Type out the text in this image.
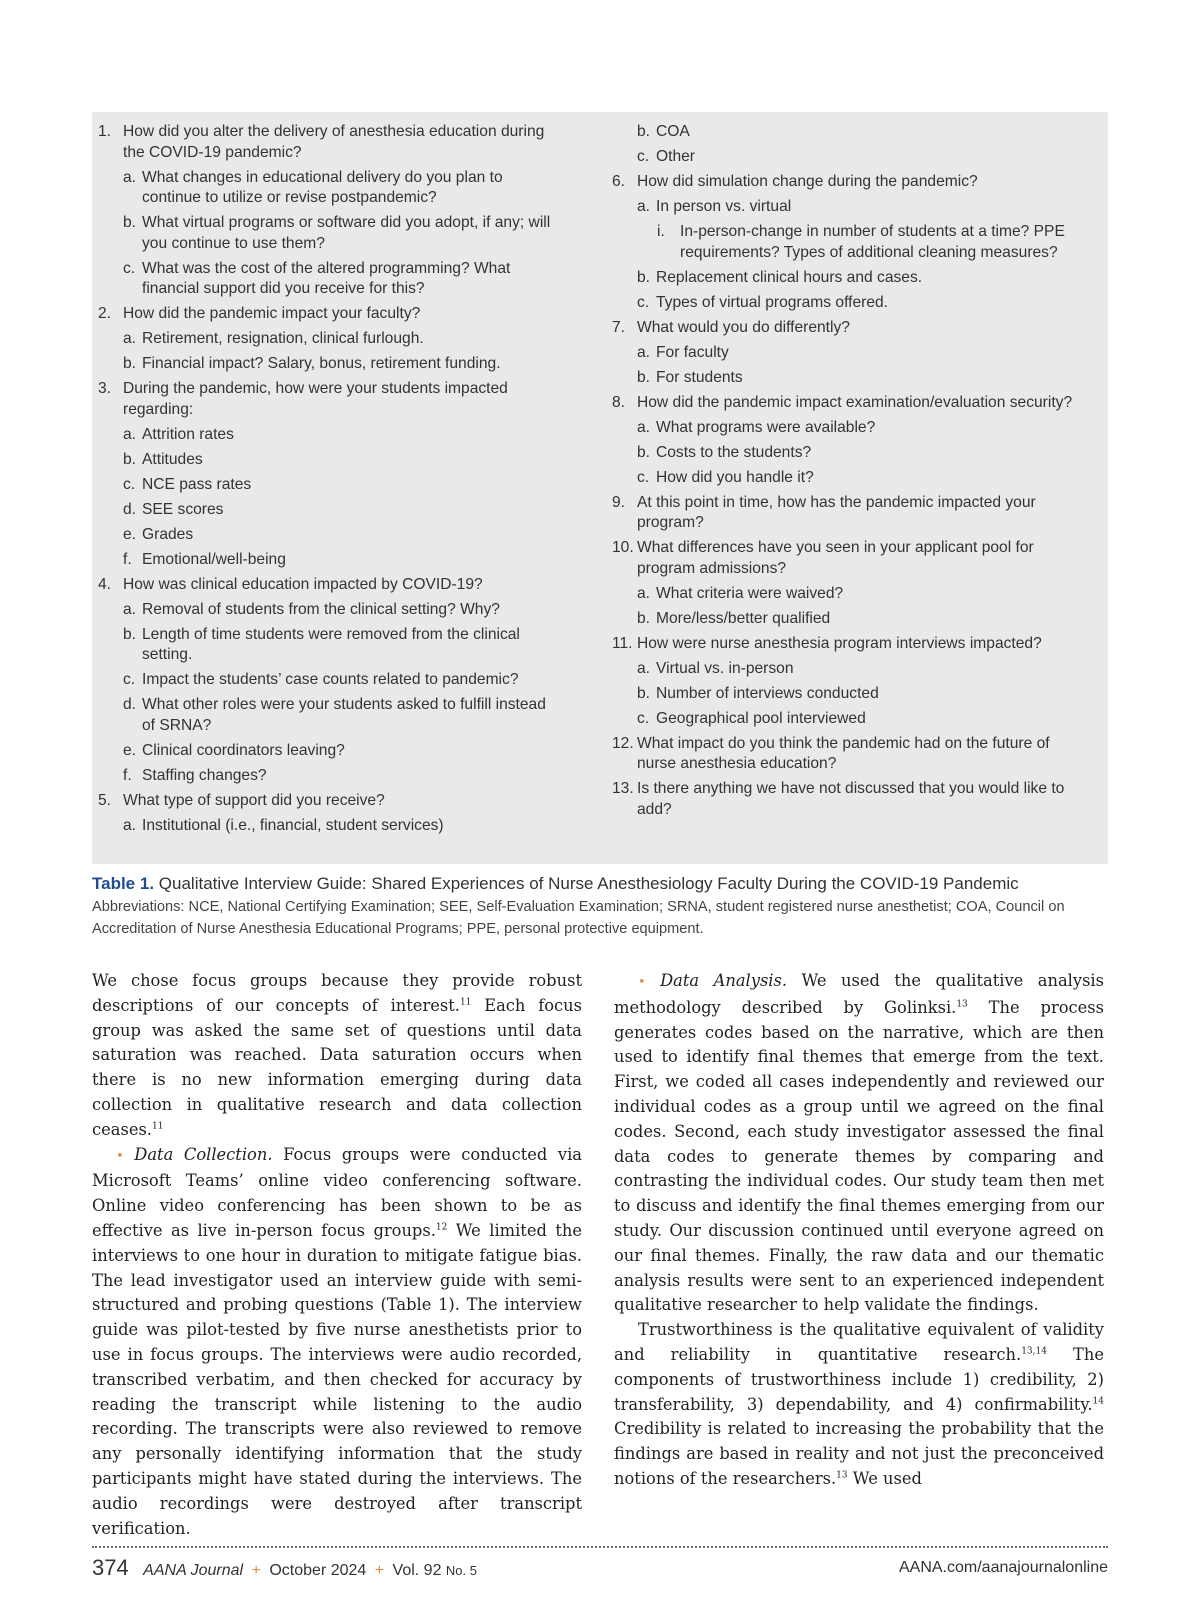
1. How did you alter the delivery of anesthesia education during the COVID-19 pandemic?
a. What changes in educational delivery do you plan to continue to utilize or revise postpandemic?
b. What virtual programs or software did you adopt, if any; will you continue to use them?
c. What was the cost of the altered programming? What financial support did you receive for this?
2. How did the pandemic impact your faculty?
a. Retirement, resignation, clinical furlough.
b. Financial impact? Salary, bonus, retirement funding.
3. During the pandemic, how were your students impacted regarding:
a. Attrition rates
b. Attitudes
c. NCE pass rates
d. SEE scores
e. Grades
f. Emotional/well-being
4. How was clinical education impacted by COVID-19?
a. Removal of students from the clinical setting? Why?
b. Length of time students were removed from the clinical setting.
c. Impact the students’ case counts related to pandemic?
d. What other roles were your students asked to fulfill instead of SRNA?
e. Clinical coordinators leaving?
f. Staffing changes?
5. What type of support did you receive?
a. Institutional (i.e., financial, student services)
b. COA
c. Other
6. How did simulation change during the pandemic?
a. In person vs. virtual
i. In-person-change in number of students at a time? PPE requirements? Types of additional cleaning measures?
b. Replacement clinical hours and cases.
c. Types of virtual programs offered.
7. What would you do differently?
a. For faculty
b. For students
8. How did the pandemic impact examination/evaluation security?
a. What programs were available?
b. Costs to the students?
c. How did you handle it?
9. At this point in time, how has the pandemic impacted your program?
10. What differences have you seen in your applicant pool for program admissions?
a. What criteria were waived?
b. More/less/better qualified
11. How were nurse anesthesia program interviews impacted?
a. Virtual vs. in-person
b. Number of interviews conducted
c. Geographical pool interviewed
12. What impact do you think the pandemic had on the future of nurse anesthesia education?
13. Is there anything we have not discussed that you would like to add?
Table 1. Qualitative Interview Guide: Shared Experiences of Nurse Anesthesiology Faculty During the COVID-19 Pandemic
Abbreviations: NCE, National Certifying Examination; SEE, Self-Evaluation Examination; SRNA, student registered nurse anesthetist; COA, Council on Accreditation of Nurse Anesthesia Educational Programs; PPE, personal protective equipment.

We chose focus groups because they provide robust descriptions of our concepts of interest.$^{11}$ Each focus group was asked the same set of questions until data saturation was reached. Data saturation occurs when there is no new information emerging during data collection in qualitative research and data collection ceases.$^{11}$

• Data Collection. Focus groups were conducted via Microsoft Teams’ online video conferencing software. Online video conferencing has been shown to be as effective as live in-person focus groups.$^{12}$ We limited the interviews to one hour in duration to mitigate fatigue bias. The lead investigator used an interview guide with semi-structured and probing questions (Table 1). The interview guide was pilot-tested by five nurse anesthetists prior to use in focus groups. The interviews were audio recorded, transcribed verbatim, and then checked for accuracy by reading the transcript while listening to the audio recording. The transcripts were also reviewed to remove any personally identifying information that the study participants might have stated during the interviews. The audio recordings were destroyed after transcript verification.

• Data Analysis. We used the qualitative analysis methodology described by Golinksi.$^{13}$ The process generates codes based on the narrative, which are then used to identify final themes that emerge from the text. First, we coded all cases independently and reviewed our individual codes as a group until we agreed on the final codes. Second, each study investigator assessed the final data codes to generate themes by comparing and contrasting the individual codes. Our study team then met to discuss and identify the final themes emerging from our study. Our discussion continued until everyone agreed on our final themes. Finally, the raw data and our thematic analysis results were sent to an experienced independent qualitative researcher to help validate the findings.

Trustworthiness is the qualitative equivalent of validity and reliability in quantitative research.$^{13,14}$ The components of trustworthiness include 1) credibility, 2) transferability, 3) dependability, and 4) confirmability.$^{14}$ Credibility is related to increasing the probability that the findings are based in reality and not just the preconceived notions of the researchers.$^{13}$ We used

374 AANA Journal + October 2024 + Vol. 92 No. 5	AANA.com/aanajournalonline
